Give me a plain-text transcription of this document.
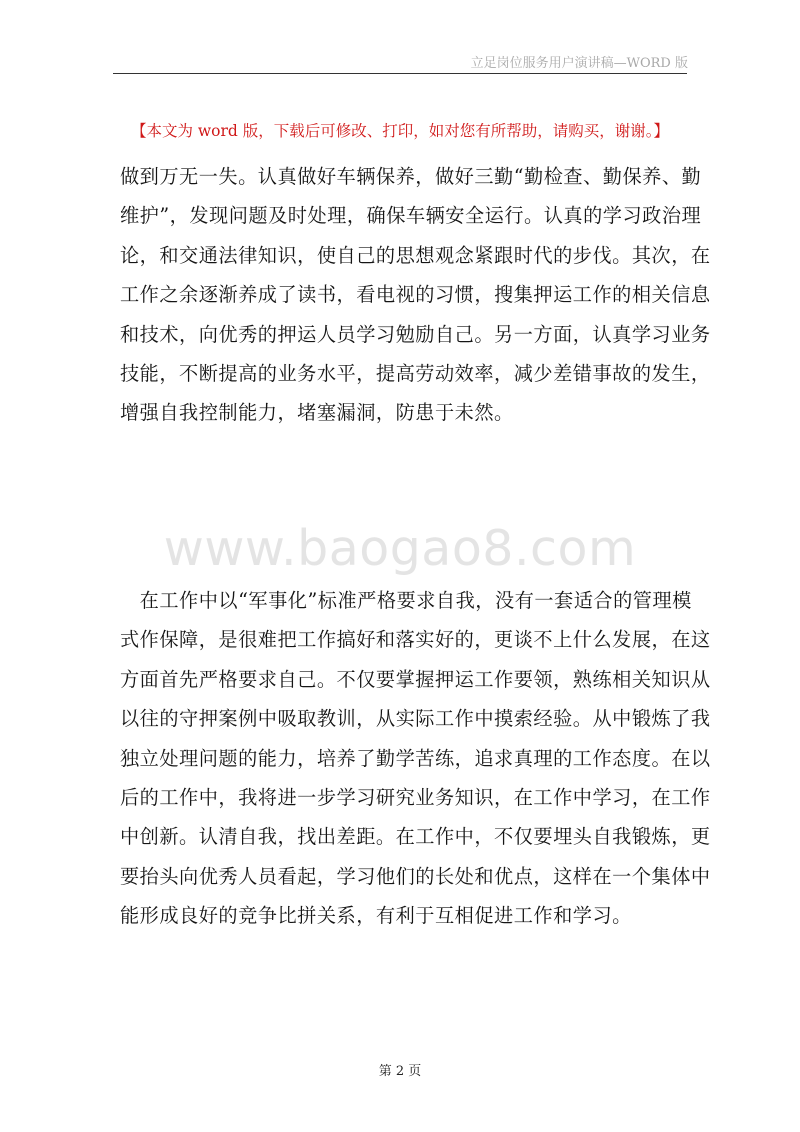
立足岗位服务用户演讲稿—WORD 版
【本文为 word 版，下载后可修改、打印，如对您有所帮助，请购买，谢谢。】
做到万无一失。认真做好车辆保养，做好三勤“勤检查、勤保养、勤
维护”，发现问题及时处理，确保车辆安全运行。认真的学习政治理
论，和交通法律知识，使自己的思想观念紧跟时代的步伐。其次，在
工作之余逐渐养成了读书，看电视的习惯，搜集押运工作的相关信息
和技术，向优秀的押运人员学习勉励自己。另一方面，认真学习业务
技能，不断提高的业务水平，提高劳动效率，减少差错事故的发生，
增强自我控制能力，堵塞漏洞，防患于未然。
www.baogao8.com
　在工作中以“军事化”标准严格要求自我，没有一套适合的管理模
式作保障，是很难把工作搞好和落实好的，更谈不上什么发展，在这
方面首先严格要求自己。不仅要掌握押运工作要领，熟练相关知识从
以往的守押案例中吸取教训，从实际工作中摸索经验。从中锻炼了我
独立处理问题的能力，培养了勤学苦练，追求真理的工作态度。在以
后的工作中，我将进一步学习研究业务知识，在工作中学习，在工作
中创新。认清自我，找出差距。在工作中，不仅要埋头自我锻炼，更
要抬头向优秀人员看起，学习他们的长处和优点，这样在一个集体中
能形成良好的竞争比拼关系，有利于互相促进工作和学习。
第 2 页
